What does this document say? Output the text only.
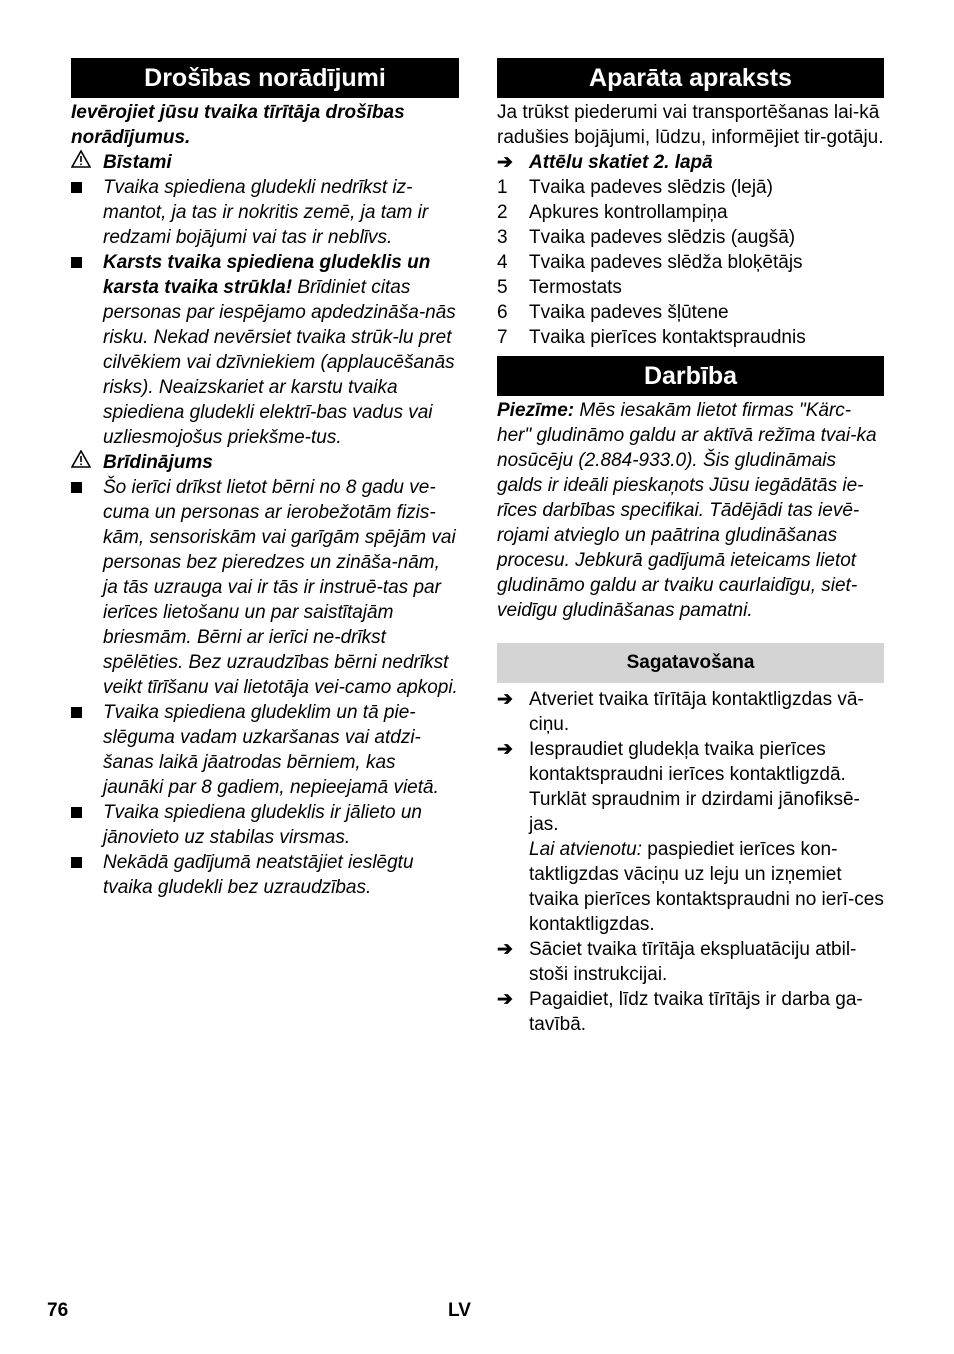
Drošības norādījumi

Ievērojiet jūsu tvaika tīrītāja drošības norādījumus.

Bīstami
Tvaika spiediena gludekli nedrīkst iz-mantot, ja tas ir nokritis zemē, ja tam ir redzami bojājumi vai tas ir neblīvs.
Karsts tvaika spiediena gludeklis un karsta tvaika strūkla! Brīdiniet citas personas par iespējamo apdedzināša-nās risku. Nekad nevērsiet tvaika strūk-lu pret cilvēkiem vai dzīvniekiem (applaucēšanās risks). Neaizskariet ar karstu tvaika spiediena gludekli elektrī-bas vadus vai uzliesmojošus priekšme-tus.
Brīdinājums
Šo ierīci drīkst lietot bērni no 8 gadu ve-cuma un personas ar ierobežotām fizis-kām, sensoriskām vai garīgām spējām vai personas bez pieredzes un zināša-nām, ja tās uzrauga vai ir tās ir instruē-tas par ierīces lietošanu un par saistītajām briesmām. Bērni ar ierīci ne-drīkst spēlēties. Bez uzraudzības bērni nedrīkst veikt tīrīšanu vai lietotāja vei-camo apkopi.
Tvaika spiediena gludeklim un tā pie-slēguma vadam uzkaršanas vai atdzi-šanas laikā jāatrodas bērniem, kas jaunāki par 8 gadiem, nepieejamā vietā.
Tvaika spiediena gludeklis ir jālieto un jānovieto uz stabilas virsmas.
Nekādā gadījumā neatstājiet ieslēgtu tvaika gludekli bez uzraudzības.
Aparāta apraksts

Ja trūkst piederumi vai transportēšanas lai-kā radušies bojājumi, lūdzu, informējiet tir-gotāju.

➔ Attēlu skatiet 2. lapā
1	Tvaika padeves slēdzis (lejā)
2	Apkures kontrollampiņa
3	Tvaika padeves slēdzis (augšā)
4	Tvaika padeves slēdža bloķētājs
5	Termostats
6	Tvaika padeves šļūtene
7	Tvaika pierīces kontaktspraudnis
Darbība

Piezīme: Mēs iesakām lietot firmas "Kärc-her" gludināmo galdu ar aktīvā režīma tvai-ka nosūcēju (2.884-933.0). Šis gludināmais galds ir ideāli pieskaņots Jūsu iegādātās ie-rīces darbības specifikai. Tādējādi tas ievē-rojami atvieglo un paātrina gludināšanas procesu. Jebkurā gadījumā ieteicams lietot gludināmo galdu ar tvaiku caurlaidīgu, siet-veidīgu gludināšanas pamatni.

Sagatavošana
➔ Atveriet tvaika tīrītāja kontaktligzdas vā-ciņu.
➔ Iespraudiet gludekļa tvaika pierīces kontaktspraudni ierīces kontaktligzdā. Turklāt spraudnim ir dzirdami jānofiksē-jas.
Lai atvienotu: paspiediet ierīces kon-taktligzdas vāciņu uz leju un izņemiet tvaika pierīces kontaktspraudni no ierī-ces kontaktligzdas.
➔ Sāciet tvaika tīrītāja ekspluatāciju atbil-stoši instrukcijai.
➔ Pagaidiet, līdz tvaika tīrītājs ir darba ga-tavībā.
76	LV
